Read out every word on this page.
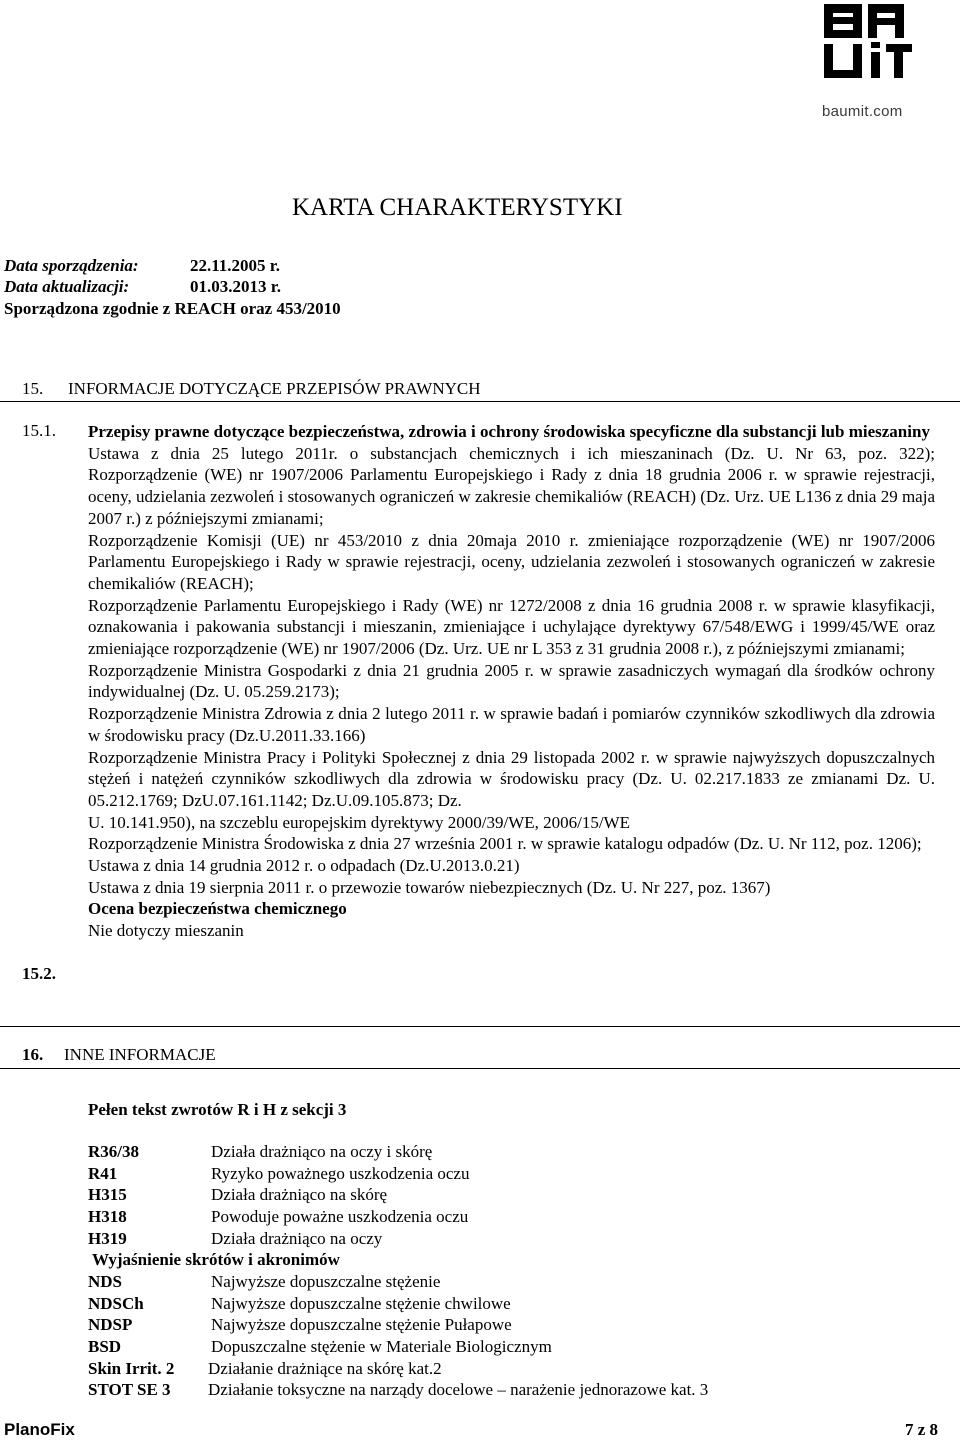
baumit.com
KARTA CHARAKTERYSTYKI
Data sporządzenia:	22.11.2005 r.
Data aktualizacji:	01.03.2013 r.
Sporządzona zgodnie z REACH oraz 453/2010
15. INFORMACJE DOTYCZĄCE PRZEPISÓW PRAWNYCH
15.1. Przepisy prawne dotyczące bezpieczeństwa, zdrowia i ochrony środowiska specyficzne dla substancji lub mieszaniny

Ustawa z dnia 25 lutego 2011r. o substancjach chemicznych i ich mieszaninach (Dz. U. Nr 63, poz. 322);

Rozporządzenie (WE) nr 1907/2006 Parlamentu Europejskiego i Rady z dnia 18 grudnia 2006 r. w sprawie rejestracji, oceny, udzielania zezwoleń i stosowanych ograniczeń w zakresie chemikaliów (REACH) (Dz. Urz. UE L136 z dnia 29 maja 2007 r.) z późniejszymi zmianami;

Rozporządzenie Komisji (UE) nr 453/2010 z dnia 20maja 2010 r. zmieniające rozporządzenie (WE) nr 1907/2006 Parlamentu Europejskiego i Rady w sprawie rejestracji, oceny, udzielania zezwoleń i stosowanych ograniczeń w zakresie chemikaliów (REACH);

Rozporządzenie Parlamentu Europejskiego i Rady (WE) nr 1272/2008 z dnia 16 grudnia 2008 r. w sprawie klasyfikacji, oznakowania i pakowania substancji i mieszanin, zmieniające i uchylające dyrektywy 67/548/EWG i 1999/45/WE oraz zmieniające rozporządzenie (WE) nr 1907/2006 (Dz. Urz. UE nr L 353 z 31 grudnia 2008 r.), z późniejszymi zmianami;

Rozporządzenie Ministra Gospodarki z dnia 21 grudnia 2005 r. w sprawie zasadniczych wymagań dla środków ochrony indywidualnej (Dz. U. 05.259.2173);

Rozporządzenie Ministra Zdrowia z dnia 2 lutego 2011 r. w sprawie badań i pomiarów czynników szkodliwych dla zdrowia w środowisku pracy (Dz.U.2011.33.166)

Rozporządzenie Ministra Pracy i Polityki Społecznej z dnia 29 listopada 2002 r. w sprawie najwyższych dopuszczalnych stężeń i natężeń czynników szkodliwych dla zdrowia w środowisku pracy (Dz. U. 02.217.1833 ze zmianami Dz. U. 05.212.1769; DzU.07.161.1142; Dz.U.09.105.873; Dz.

U. 10.141.950), na szczeblu europejskim dyrektywy 2000/39/WE, 2006/15/WE

Rozporządzenie Ministra Środowiska z dnia 27 września 2001 r. w sprawie katalogu odpadów (Dz. U. Nr 112, poz. 1206);

Ustawa z dnia 14 grudnia 2012 r. o odpadach (Dz.U.2013.0.21)

Ustawa z dnia 19 sierpnia 2011 r. o przewozie towarów niebezpiecznych (Dz. U. Nr 227, poz. 1367)

Ocena bezpieczeństwa chemicznego

Nie dotyczy mieszanin

15.2.
16. INNE INFORMACJE
Pełen tekst zwrotów R i H z sekcji 3
R36/38	Działa drażniąco na oczy i skórę
R41	Ryzyko poważnego uszkodzenia oczu
H315	Działa drażniąco na skórę
H318	Powoduje poważne uszkodzenia oczu
H319	Działa drażniąco na oczy
Wyjaśnienie skrótów i akronimów
NDS	Najwyższe dopuszczalne stężenie
NDSCh	Najwyższe dopuszczalne stężenie chwilowe
NDSP	Najwyższe dopuszczalne stężenie Pułapowe
BSD	Dopuszczalne stężenie w Materiale Biologicznym
Skin Irrit. 2 Działanie drażniące na skórę kat.2
STOT SE 3 Działanie toksyczne na narządy docelowe – narażenie jednorazowe kat. 3
PlanoFix	7 z 8
